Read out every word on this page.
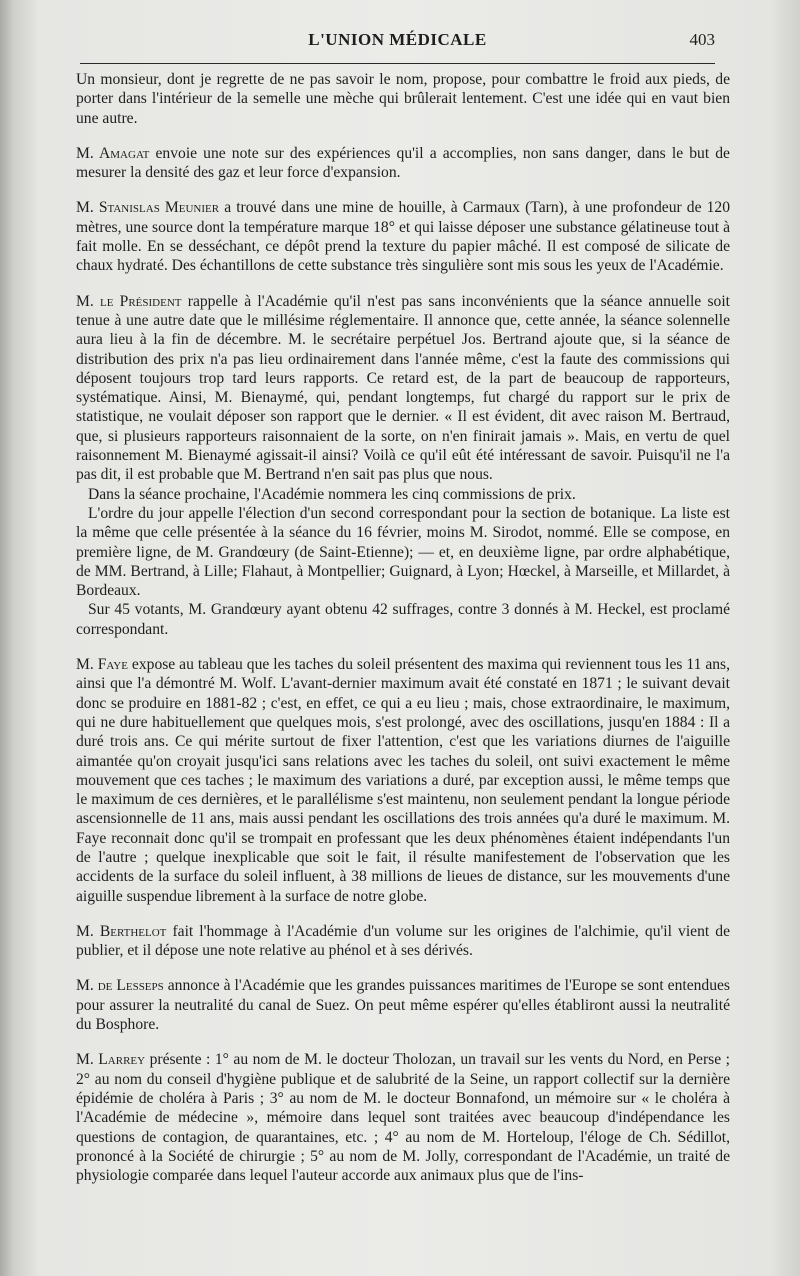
L'UNION MÉDICALE	403

Un monsieur, dont je regrette de ne pas savoir le nom, propose, pour combattre le froid aux pieds, de porter dans l'intérieur de la semelle une mèche qui brûlerait lentement. C'est une idée qui en vaut bien une autre.

M. Amagat envoie une note sur des expériences qu'il a accomplies, non sans danger, dans le but de mesurer la densité des gaz et leur force d'expansion.

M. Stanislas Meunier a trouvé dans une mine de houille, à Carmaux (Tarn), à une profondeur de 120 mètres, une source dont la température marque 18° et qui laisse déposer une substance gélatineuse tout à fait molle. En se desséchant, ce dépôt prend la texture du papier mâché. Il est composé de silicate de chaux hydraté. Des échantillons de cette substance très singulière sont mis sous les yeux de l'Académie.

M. le Président rappelle à l'Académie qu'il n'est pas sans inconvénients que la séance annuelle soit tenue à une autre date que le millésime réglementaire. Il annonce que, cette année, la séance solennelle aura lieu à la fin de décembre. M. le secrétaire perpétuel Jos. Bertrand ajoute que, si la séance de distribution des prix n'a pas lieu ordinairement dans l'année même, c'est la faute des commissions qui déposent toujours trop tard leurs rapports. Ce retard est, de la part de beaucoup de rapporteurs, systématique. Ainsi, M. Bienaymé, qui, pendant longtemps, fut chargé du rapport sur le prix de statistique, ne voulait déposer son rapport que le dernier. « Il est évident, dit avec raison M. Bertraud, que, si plusieurs rapporteurs raisonnaient de la sorte, on n'en finirait jamais ». Mais, en vertu de quel raisonnement M. Bienaymé agissait-il ainsi? Voilà ce qu'il eût été intéressant de savoir. Puisqu'il ne l'a pas dit, il est probable que M. Bertrand n'en sait pas plus que nous.

Dans la séance prochaine, l'Académie nommera les cinq commissions de prix.

L'ordre du jour appelle l'élection d'un second correspondant pour la section de botanique. La liste est la même que celle présentée à la séance du 16 février, moins M. Sirodot, nommé. Elle se compose, en première ligne, de M. Grandœury (de Saint-Etienne); — et, en deuxième ligne, par ordre alphabétique, de MM. Bertrand, à Lille; Flahaut, à Montpellier; Guignard, à Lyon; Hœckel, à Marseille, et Millardet, à Bordeaux.

Sur 45 votants, M. Grandœury ayant obtenu 42 suffrages, contre 3 donnés à M. Heckel, est proclamé correspondant.

M. Faye expose au tableau que les taches du soleil présentent des maxima qui reviennent tous les 11 ans, ainsi que l'a démontré M. Wolf. L'avant-dernier maximum avait été constaté en 1871 ; le suivant devait donc se produire en 1881-82 ; c'est, en effet, ce qui a eu lieu ; mais, chose extraordinaire, le maximum, qui ne dure habituellement que quelques mois, s'est prolongé, avec des oscillations, jusqu'en 1884 : Il a duré trois ans. Ce qui mérite surtout de fixer l'attention, c'est que les variations diurnes de l'aiguille aimantée qu'on croyait jusqu'ici sans relations avec les taches du soleil, ont suivi exactement le même mouvement que ces taches ; le maximum des variations a duré, par exception aussi, le même temps que le maximum de ces dernières, et le parallélisme s'est maintenu, non seulement pendant la longue période ascensionnelle de 11 ans, mais aussi pendant les oscillations des trois années qu'a duré le maximum. M. Faye reconnait donc qu'il se trompait en professant que les deux phénomènes étaient indépendants l'un de l'autre ; quelque inexplicable que soit le fait, il résulte manifestement de l'observation que les accidents de la surface du soleil influent, à 38 millions de lieues de distance, sur les mouvements d'une aiguille suspendue librement à la surface de notre globe.

M. Berthelot fait l'hommage à l'Académie d'un volume sur les origines de l'alchimie, qu'il vient de publier, et il dépose une note relative au phénol et à ses dérivés.

M. de Lesseps annonce à l'Académie que les grandes puissances maritimes de l'Europe se sont entendues pour assurer la neutralité du canal de Suez. On peut même espérer qu'elles établiront aussi la neutralité du Bosphore.

M. Larrey présente : 1° au nom de M. le docteur Tholozan, un travail sur les vents du Nord, en Perse ; 2° au nom du conseil d'hygiène publique et de salubrité de la Seine, un rapport collectif sur la dernière épidémie de choléra à Paris ; 3° au nom de M. le docteur Bonnafond, un mémoire sur « le choléra à l'Académie de médecine », mémoire dans lequel sont traitées avec beaucoup d'indépendance les questions de contagion, de quarantaines, etc. ; 4° au nom de M. Horteloup, l'éloge de Ch. Sédillot, prononcé à la Société de chirurgie ; 5° au nom de M. Jolly, correspondant de l'Académie, un traité de physiologie comparée dans lequel l'auteur accorde aux animaux plus que de l'ins-
